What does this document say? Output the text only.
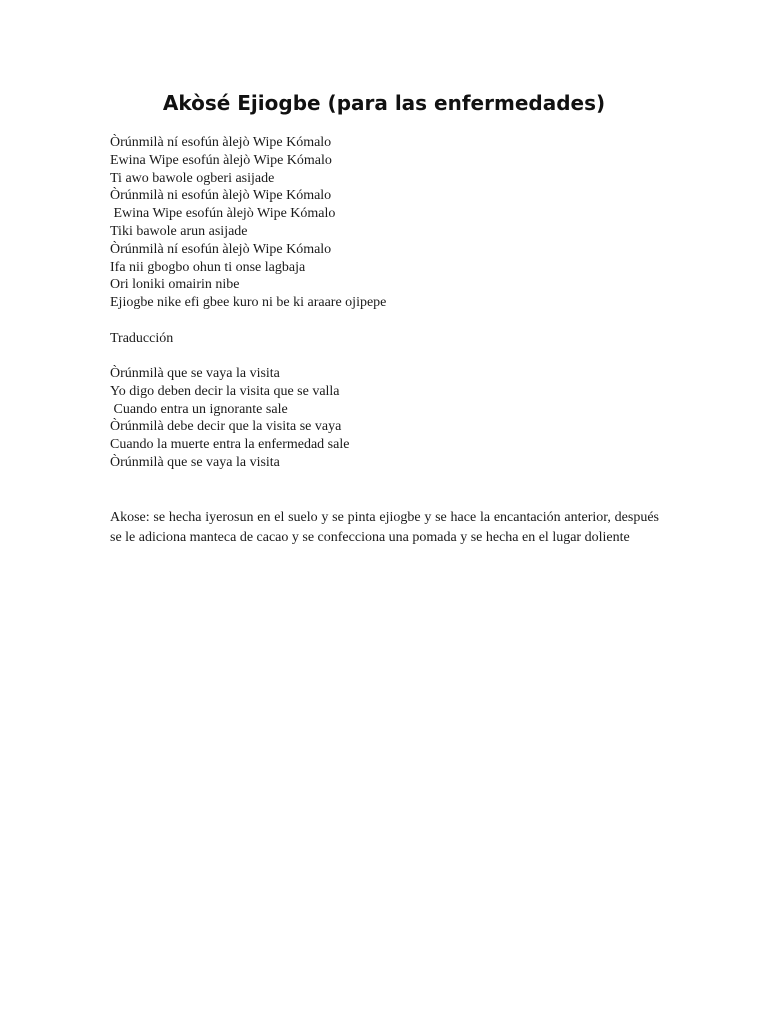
Akòsé Ejiogbe (para las enfermedades)
Òrúnmilà ní esofún àlejò Wipe Kómalo
Ewina Wipe esofún àlejò Wipe Kómalo
Ti awo bawole ogberi asijade
Òrúnmilà ni esofún àlejò Wipe Kómalo
Ewina Wipe esofún àlejò Wipe Kómalo
Tiki bawole arun asijade
Òrúnmilà ní esofún àlejò Wipe Kómalo
Ifa nii gbogbo ohun ti onse lagbaja
Ori loniki omairin nibe
Ejiogbe nike efi gbee kuro ni be ki araare ojipepe
Traducción
Òrúnmilà que se vaya la visita
Yo digo deben decir la visita que se valla
Cuando entra un ignorante sale
Òrúnmilà debe decir que la visita se vaya
Cuando la muerte entra la enfermedad sale
Òrúnmilà que se vaya la visita

Akose: se hecha iyerosun en el suelo y se pinta ejiogbe y se hace la encantación anterior, después se le adiciona manteca de cacao y se confecciona una pomada y se hecha en el lugar doliente
